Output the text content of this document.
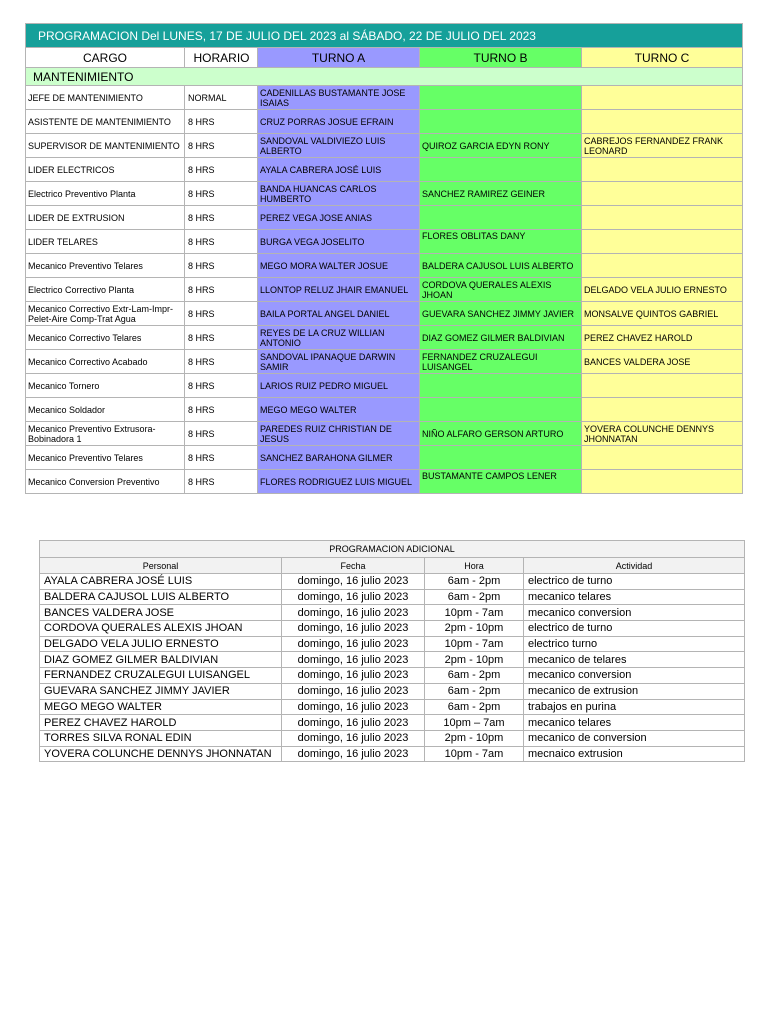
PROGRAMACION Del LUNES, 17 DE JULIO DEL 2023 al SÁBADO, 22 DE JULIO DEL 2023				
CARGO	HORARIO	TURNO A	TURNO B	TURNO C
MANTENIMIENTO				
JEFE DE MANTENIMIENTO	NORMAL	CADENILLAS BUSTAMANTE JOSE ISAIAS		
ASISTENTE DE MANTENIMIENTO	8 HRS	CRUZ PORRAS JOSUE EFRAIN		
SUPERVISOR DE MANTENIMIENTO	8 HRS	SANDOVAL VALDIVIEZO LUIS ALBERTO	QUIROZ GARCIA EDYN RONY	CABREJOS FERNANDEZ FRANK LEONARD
LIDER ELECTRICOS	8 HRS	AYALA CABRERA JOSÉ LUIS		
Electrico Preventivo Planta	8 HRS	BANDA HUANCAS CARLOS HUMBERTO	SANCHEZ RAMIREZ GEINER	
LIDER DE EXTRUSION	8 HRS	PEREZ VEGA JOSE ANIAS		
LIDER TELARES	8 HRS	BURGA VEGA JOSELITO	FLORES OBLITAS DANY	
Mecanico Preventivo Telares	8 HRS	MEGO MORA WALTER JOSUE	BALDERA CAJUSOL LUIS ALBERTO	
Electrico Correctivo Planta	8 HRS	LLONTOP RELUZ JHAIR EMANUEL	CORDOVA QUERALES ALEXIS JHOAN	DELGADO VELA JULIO ERNESTO
Mecanico Correctivo Extr-Lam-Impr-Pelet-Aire Comp-Trat Agua	8 HRS	BAILA PORTAL ANGEL DANIEL	GUEVARA SANCHEZ JIMMY JAVIER	MONSALVE QUINTOS GABRIEL
Mecanico Correctivo Telares	8 HRS	REYES DE LA CRUZ WILLIAN ANTONIO	DIAZ GOMEZ GILMER BALDIVIAN	PEREZ CHAVEZ HAROLD
Mecanico Correctivo Acabado	8 HRS	SANDOVAL IPANAQUE DARWIN SAMIR	FERNANDEZ CRUZALEGUI LUISANGEL	BANCES VALDERA JOSE
Mecanico Tornero	8 HRS	LARIOS RUIZ PEDRO MIGUEL		
Mecanico Soldador	8 HRS	MEGO MEGO WALTER		
Mecanico Preventivo Extrusora-Bobinadora 1	8 HRS	PAREDES RUIZ CHRISTIAN DE JESUS	NIÑO ALFARO GERSON ARTURO	YOVERA COLUNCHE DENNYS JHONNATAN
Mecanico Preventivo Telares	8 HRS	SANCHEZ BARAHONA GILMER		
Mecanico Conversion Preventivo	8 HRS	FLORES RODRIGUEZ LUIS MIGUEL	BUSTAMANTE CAMPOS LENER	
PROGRAMACION ADICIONAL			
Personal	Fecha	Hora	Actividad
AYALA CABRERA JOSÉ LUIS	domingo, 16 julio 2023	6am - 2pm	electrico de turno
BALDERA CAJUSOL LUIS ALBERTO	domingo, 16 julio 2023	6am - 2pm	mecanico telares
BANCES VALDERA JOSE	domingo, 16 julio 2023	10pm - 7am	mecanico conversion
CORDOVA QUERALES ALEXIS JHOAN	domingo, 16 julio 2023	2pm - 10pm	electrico de turno
DELGADO VELA JULIO ERNESTO	domingo, 16 julio 2023	10pm - 7am	electrico turno
DIAZ GOMEZ GILMER BALDIVIAN	domingo, 16 julio 2023	2pm - 10pm	mecanico de telares
FERNANDEZ CRUZALEGUI LUISANGEL	domingo, 16 julio 2023	6am - 2pm	mecanico conversion
GUEVARA SANCHEZ JIMMY JAVIER	domingo, 16 julio 2023	6am - 2pm	mecanico de extrusion
MEGO MEGO WALTER	domingo, 16 julio 2023	6am - 2pm	trabajos en purina
PEREZ CHAVEZ HAROLD	domingo, 16 julio 2023	10pm – 7am	mecanico telares
TORRES SILVA RONAL EDIN	domingo, 16 julio 2023	2pm - 10pm	mecanico de conversion
YOVERA COLUNCHE DENNYS JHONNATAN	domingo, 16 julio 2023	10pm - 7am	mecnaico extrusion
